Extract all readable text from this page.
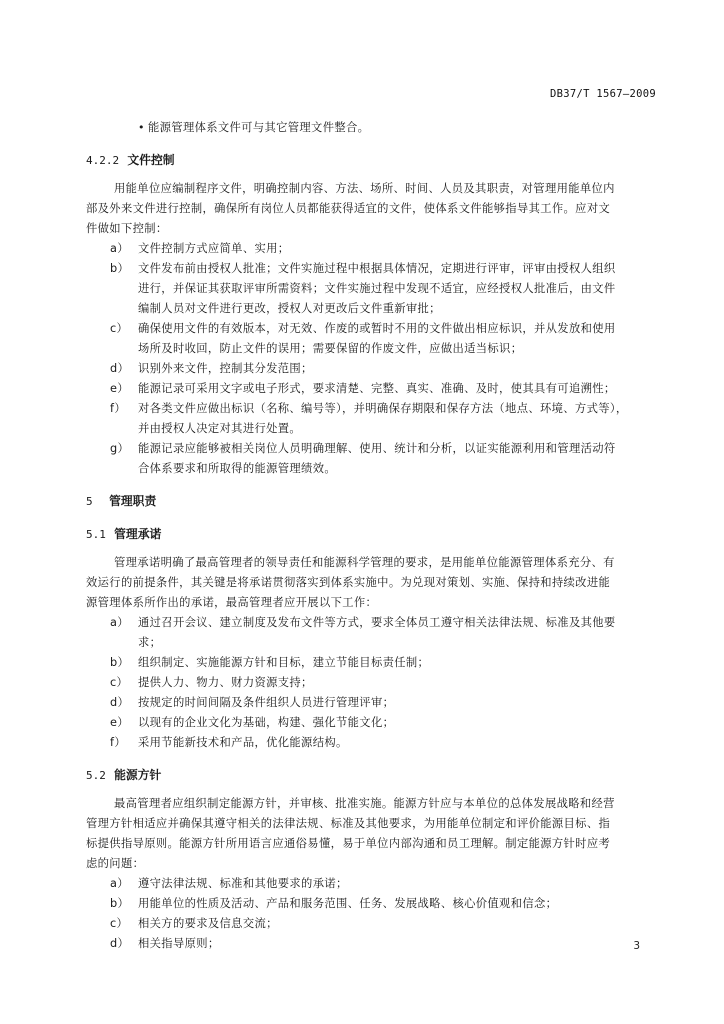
DB37/T 1567—2009
• 能源管理体系文件可与其它管理文件整合。
4.2.2 文件控制
用能单位应编制程序文件，明确控制内容、方法、场所、时间、人员及其职责，对管理用能单位内
部及外来文件进行控制，确保所有岗位人员都能获得适宜的文件，使体系文件能够指导其工作。应对文
件做如下控制：
a） 文件控制方式应简单、实用；
b） 文件发布前由授权人批准；文件实施过程中根据具体情况，定期进行评审，评审由授权人组织
进行，并保证其获取评审所需资料；文件实施过程中发现不适宜，应经授权人批准后，由文件
编制人员对文件进行更改，授权人对更改后文件重新审批；
c） 确保使用文件的有效版本，对无效、作废的或暂时不用的文件做出相应标识，并从发放和使用
场所及时收回，防止文件的误用；需要保留的作废文件，应做出适当标识；
d） 识别外来文件，控制其分发范围；
e） 能源记录可采用文字或电子形式，要求清楚、完整、真实、准确、及时，使其具有可追溯性；
f） 对各类文件应做出标识（名称、编号等），并明确保存期限和保存方法（地点、环境、方式等），
并由授权人决定对其进行处置。
g） 能源记录应能够被相关岗位人员明确理解、使用、统计和分析，以证实能源利用和管理活动符
合体系要求和所取得的能源管理绩效。
5 管理职责
5.1 管理承诺
管理承诺明确了最高管理者的领导责任和能源科学管理的要求，是用能单位能源管理体系充分、有
效运行的前提条件，其关键是将承诺贯彻落实到体系实施中。为兑现对策划、实施、保持和持续改进能
源管理体系所作出的承诺，最高管理者应开展以下工作：
a） 通过召开会议、建立制度及发布文件等方式，要求全体员工遵守相关法律法规、标准及其他要
求；
b） 组织制定、实施能源方针和目标，建立节能目标责任制；
c） 提供人力、物力、财力资源支持；
d） 按规定的时间间隔及条件组织人员进行管理评审；
e） 以现有的企业文化为基础，构建、强化节能文化；
f） 采用节能新技术和产品，优化能源结构。
5.2 能源方针
最高管理者应组织制定能源方针，并审核、批准实施。能源方针应与本单位的总体发展战略和经营
管理方针相适应并确保其遵守相关的法律法规、标准及其他要求，为用能单位制定和评价能源目标、指
标提供指导原则。能源方针所用语言应通俗易懂，易于单位内部沟通和员工理解。制定能源方针时应考
虑的问题：
a） 遵守法律法规、标准和其他要求的承诺；
b） 用能单位的性质及活动、产品和服务范围、任务、发展战略、核心价值观和信念；
c） 相关方的要求及信息交流；
d） 相关指导原则；	3
